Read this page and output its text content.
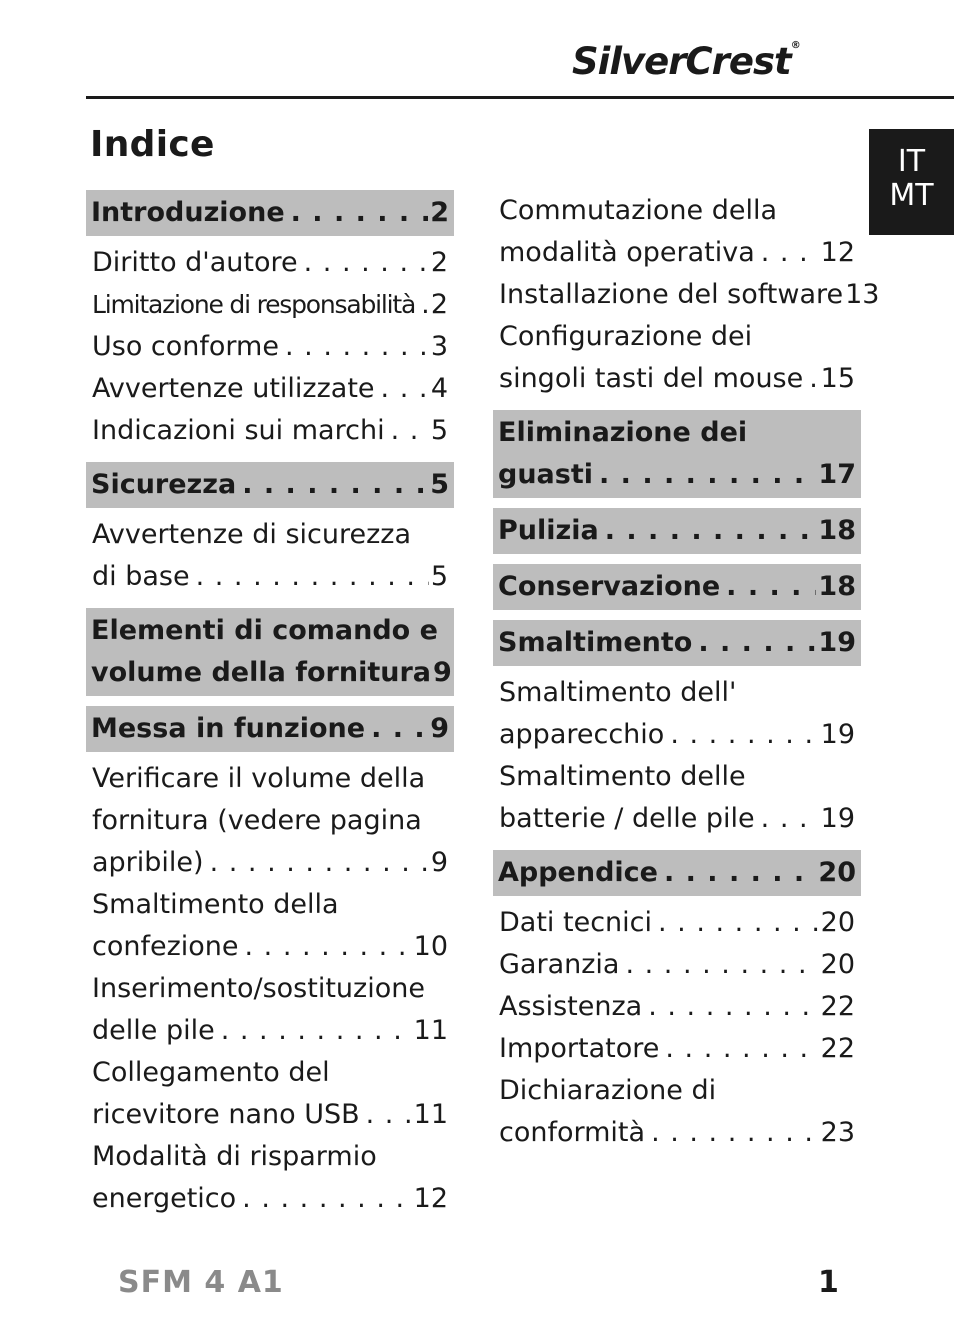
SilverCrest®
Indice	IT
MT
Introduzione . . .	2
Diritto d'autore . . .	2
Limitazione di responsabilità . . . 2
Uso conforme . . .	3
Avvertenze utilizzate . . . 4
Indicazioni sui marchi . . . 5
Sicurezza . . .	5
Avvertenze di sicurezza
di base . . .	5
Elementi di comando e
volume della fornitura 9
Messa in funzione . . . 9
Verificare il volume della
fornitura (vedere pagina
apribile) . . .	9
Smaltimento della
confezione . . .	10
Inserimento/sostituzione
delle pile . . .	11
Collegamento del
ricevitore nano USB . . . 11
Modalità di risparmio
energetico . . .	12
Commutazione della
modalità operativa . . . 12
Installazione del software 13
Configurazione dei
singoli tasti del mouse . . . 15
Eliminazione dei
guasti . . .	17
Pulizia . . .	18
Conservazione . . .	18
Smaltimento . . .	19
Smaltimento dell'
apparecchio . . .	19
Smaltimento delle
batterie / delle pile . . . 19
Appendice . . .	20
Dati tecnici . . .	20
Garanzia . . .	20
Assistenza . . .	22
Importatore . . .	22
Dichiarazione di
conformità . . .	23
SFM 4 A1	1
